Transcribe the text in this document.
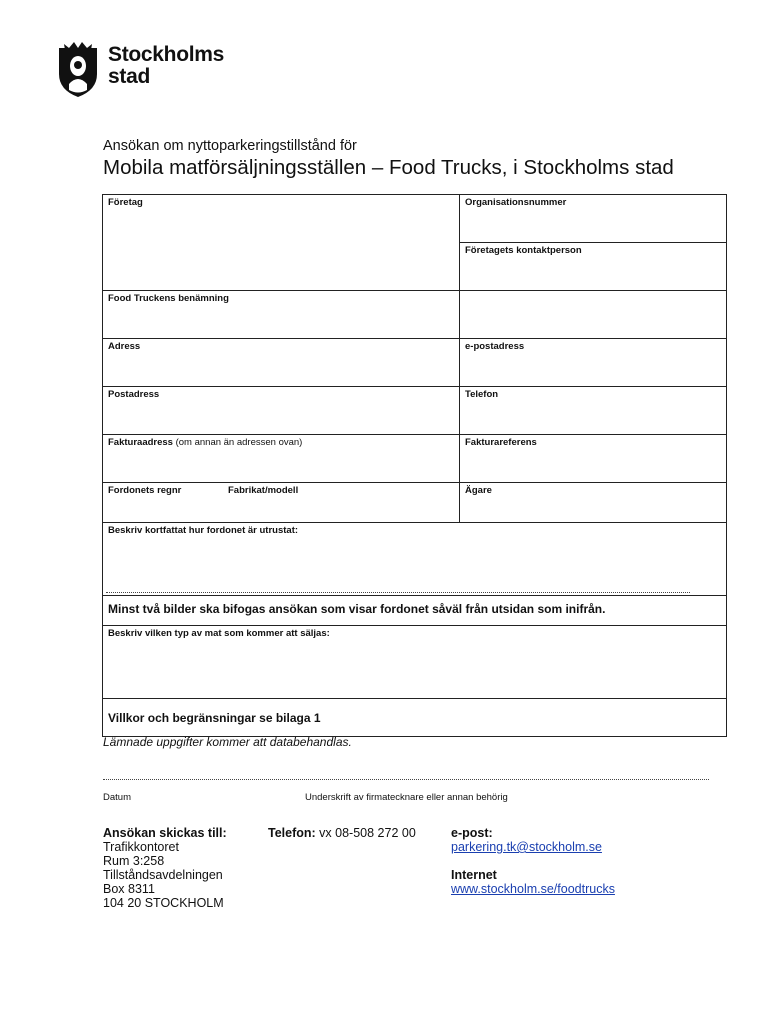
Stockholms
stad
Ansökan om nyttoparkeringstillstånd för
Mobila matförsäljningsställen – Food Trucks, i Stockholms stad
Företag	Organisationsnummer
	Företagets kontaktperson
Food Truckens benämning	
Adress	e-postadress
Postadress	Telefon
Fakturaadress (om annan än adressen ovan)	Fakturareferens
Fordonets regnr Fabrikat/modell	Ägare
Beskriv kortfattat hur fordonet är utrustat:	

Minst två bilder ska bifogas ansökan som visar fordonet såväl från utsidan som inifrån.	
Beskriv vilken typ av mat som kommer att säljas:	
Villkor och begränsningar se bilaga 1	
Lämnade uppgifter kommer att databehandlas.
Datum	Underskrift av firmatecknare eller annan behörig
Ansökan skickas till:
Trafikkontoret
Rum 3:258
Tillståndsavdelningen
Box 8311
104 20 STOCKHOLM
Telefon: vx 08-508 272 00	e-post:
parkering.tk@stockholm.se
Internet
www.stockholm.se/foodtrucks
